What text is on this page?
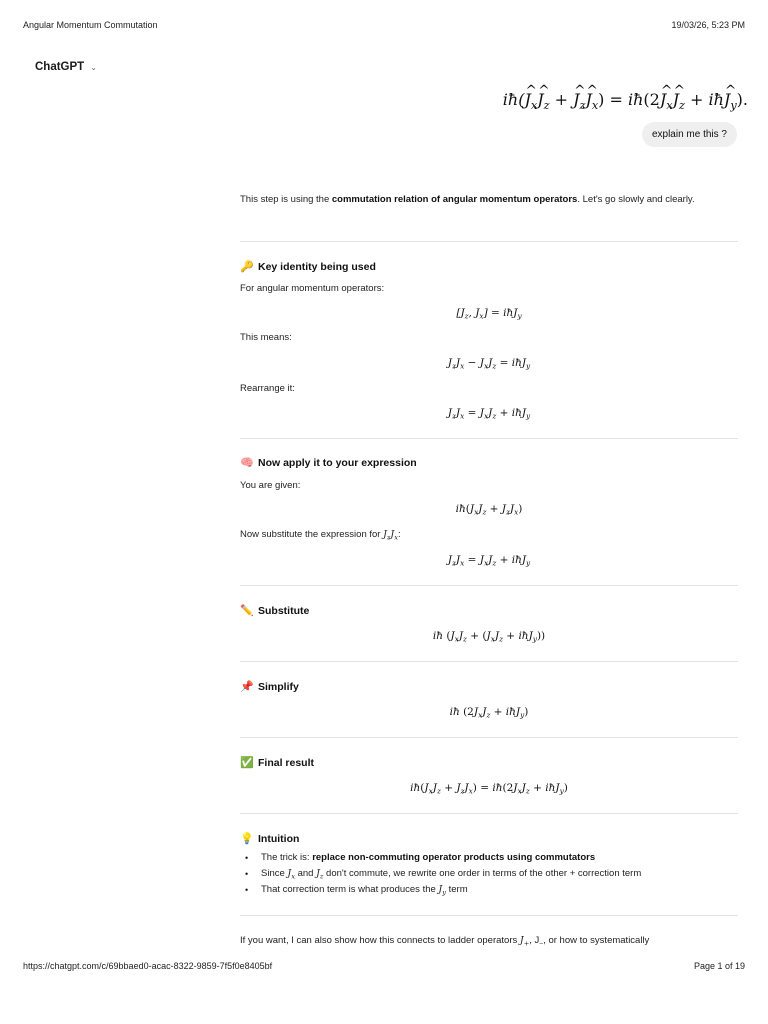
Angular Momentum Commutation	19/03/26, 5:23 PM
ChatGPT ⌄
iħ(^ $J_x\^{}$ $J_z$ + ^ $J_z\^{}$ $J_x$) = iħ(2^ $J_x\^{}$ $J_z$ + iħ^ $J_y$).
explain me this ?
This step is using the commutation relation of angular momentum operators. Let's go slowly and clearly.
🔑 Key identity being used
For angular momentum operators:
[$J_z$, $J_x$] = iħJ$_y$
This means:
$J_zJ_x - J_xJ_z$ = iħJ$_y$
Rearrange it:
$J_zJ_x = J_xJ_z$ + iħJ$_y$
🧠 Now apply it to your expression
You are given:
$iħ(J_xJ_z + J_zJ_x)$
Now substitute the expression for $J_zJ_x$:
$J_zJ_x = J_xJ_z$ + iħJ$_y$
✏️ Substitute
iħ ($J_xJ_z + (J_xJ_z$ + iħJ$_y$))
📌 Simplify
iħ ($2J_xJ_z$ + iħJ$_y$)
✅ Final result
$iħ(J_xJ_z + J_zJ_x)$ = $iħ(2J_xJ_z$ + iħJ$_y$)
💡 Intuition
• The trick is: replace non-commuting operator products using commutators
• Since $J_x$ and $J_z$ don't commute, we rewrite one order in terms of the other + correction term
• That correction term is what produces the $J_y$ term
If you want, I can also show how this connects to ladder operators $J_+$, $J_-$, or how to systematically
https://chatgpt.com/c/69bbaed0-acac-8322-9859-7f5f0e8405bf	Page 1 of 19
